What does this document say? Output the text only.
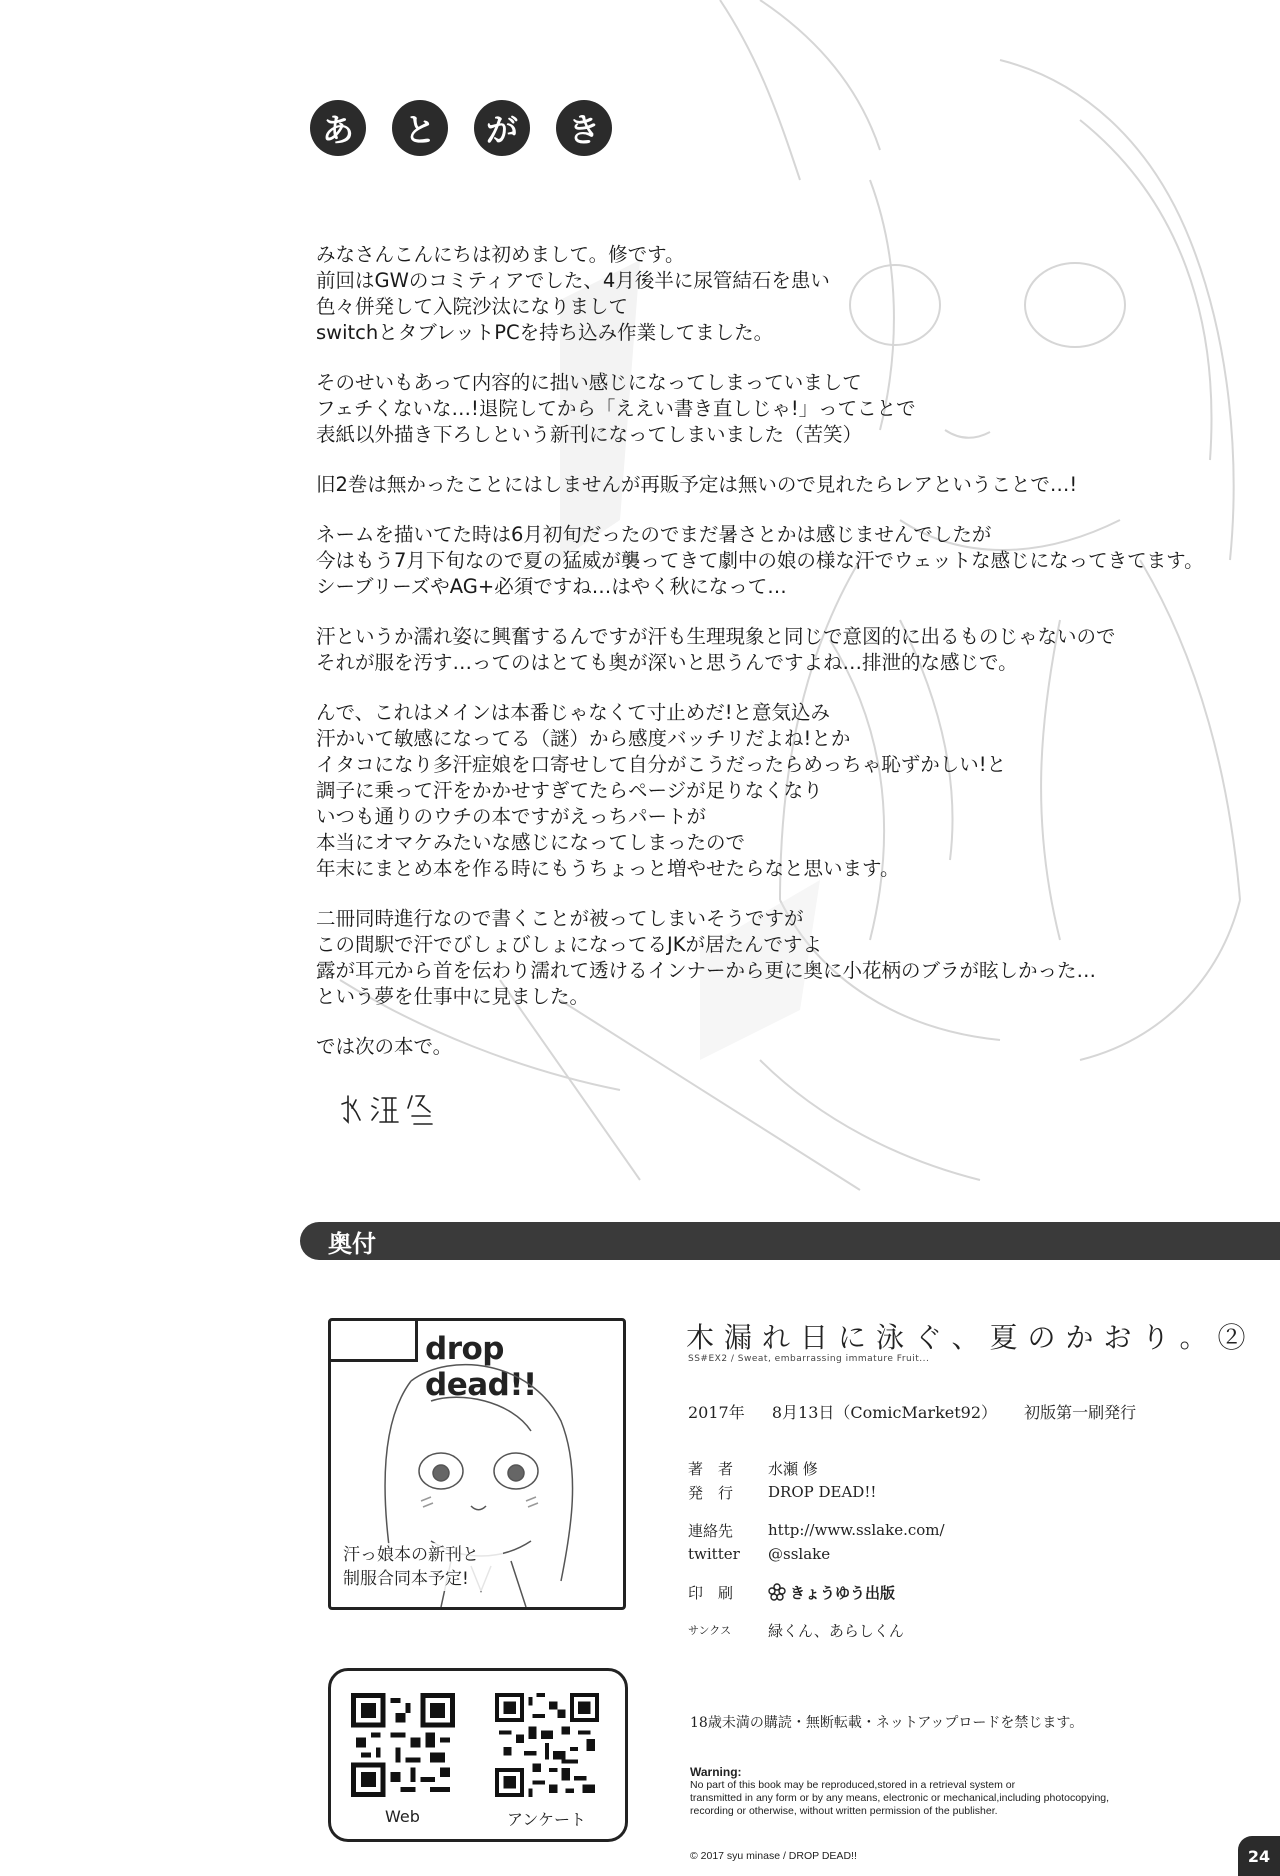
あ	と	が	き
みなさんこんにちは初めまして。修です。
前回はGWのコミティアでした、4月後半に尿管結石を患い
色々併発して入院沙汰になりまして
switchとタブレットPCを持ち込み作業してました。
そのせいもあって内容的に拙い感じになってしまっていまして
フェチくないな…!退院してから「ええい書き直しじゃ!」ってことで
表紙以外描き下ろしという新刊になってしまいました（苦笑）
旧2巻は無かったことにはしませんが再販予定は無いので見れたらレアということで…!
ネームを描いてた時は6月初旬だったのでまだ暑さとかは感じませんでしたが
今はもう7月下旬なので夏の猛威が襲ってきて劇中の娘の様な汗でウェットな感じになってきてます。
シーブリーズやAG+必須ですね…はやく秋になって…
汗というか濡れ姿に興奮するんですが汗も生理現象と同じで意図的に出るものじゃないので
それが服を汚す…ってのはとても奥が深いと思うんですよね…排泄的な感じで。
んで、これはメインは本番じゃなくて寸止めだ!と意気込み
汗かいて敏感になってる（謎）から感度バッチリだよね!とか
イタコになり多汗症娘を口寄せして自分がこうだったらめっちゃ恥ずかしい!と
調子に乗って汗をかかせすぎてたらページが足りなくなり
いつも通りのウチの本ですがえっちパートが
本当にオマケみたいな感じになってしまったので
年末にまとめ本を作る時にもうちょっと増やせたらなと思います。
二冊同時進行なので書くことが被ってしまいそうですが
この間駅で汗でびしょびしょになってるJKが居たんですよ
露が耳元から首を伝わり濡れて透けるインナーから更に奥に小花柄のブラが眩しかった…
という夢を仕事中に見ました。
では次の本で。
奥付
drop dead!!
汗っ娘本の新刊と
制服合同本予定!
木漏れ日に泳ぐ、夏のかおり。②
SS#EX2 / Sweat, embarrassing immature Fruit...
2017年 8月13日（ComicMarket92） 初版第一刷発行
著　者	水瀬 修
発　行	DROP DEAD!!
連絡先	http://www.sslake.com/
twitter	@sslake
印　刷	きょうゆう出版
サンクス	緑くん、あらしくん
Web	アンケート
18歳未満の購読・無断転載・ネットアップロードを禁じます。
Warning:
No part of this book may be reproduced,stored in a retrieval system or
transmitted in any form or by any means, electronic or mechanical,including photocopying,
recording or otherwise, without written permission of the publisher.
© 2017 syu minase / DROP DEAD!!	24
